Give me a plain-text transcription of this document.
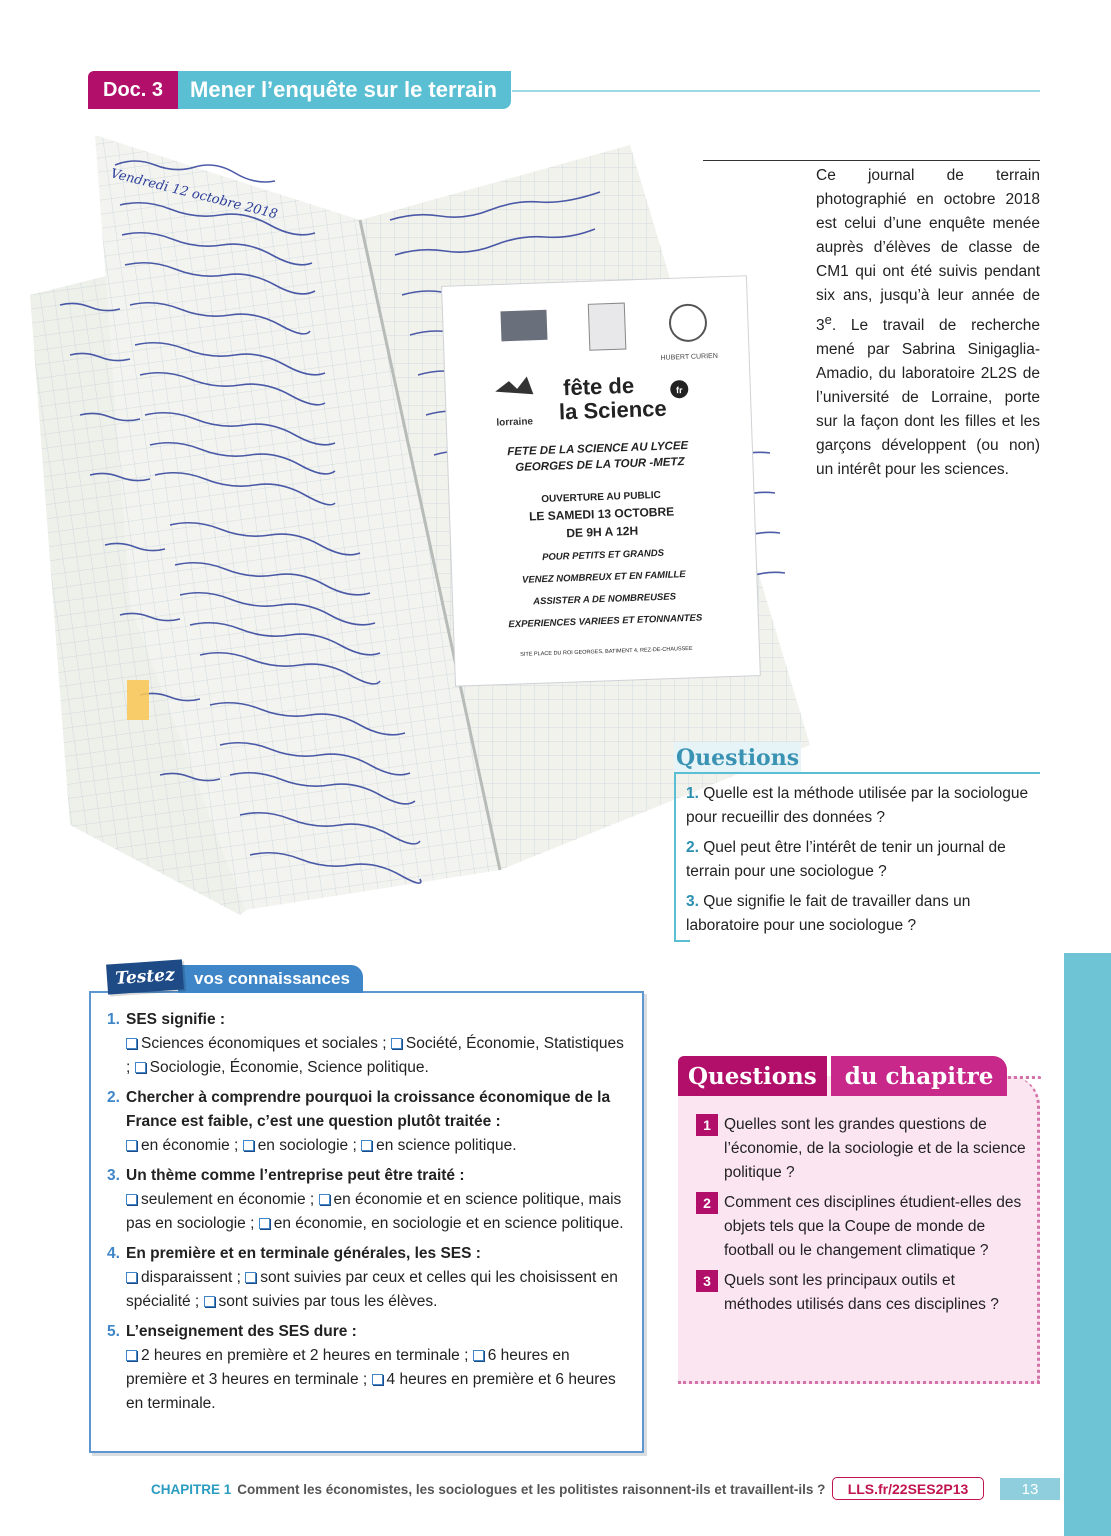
Doc. 3	Mener l’enquête sur le terrain
HUBERT CURIEN
lorraine
fête de
la Science
fr
FETE DE LA SCIENCE AU LYCEE GEORGES DE LA TOUR -METZ
OUVERTURE AU PUBLIC
LE SAMEDI 13 OCTOBRE
DE 9H A 12H
POUR PETITS ET GRANDS
VENEZ NOMBREUX ET EN FAMILLE
ASSISTER A DE NOMBREUSES
EXPERIENCES VARIEES ET ETONNANTES
SITE PLACE DU ROI GEORGES, BATIMENT 4, REZ-DE-CHAUSSEE
Vendredi 12 octobre 2018	Ce journal de terrain photographié en octobre 2018 est celui d’une enquête menée auprès d’élèves de classe de CM1 qui ont été suivis pendant six ans, jusqu’à leur année de 3e. Le travail de recherche mené par Sabrina Sinigaglia-Amadio, du laboratoire 2L2S de l’université de Lorraine, porte sur la façon dont les filles et les garçons développent (ou non) un intérêt pour les sciences.
Questions
1. Quelle est la méthode utilisée par la sociologue pour recueillir des données ?
2. Quel peut être l’intérêt de tenir un journal de terrain pour une sociologue ?
3. Que signifie le fait de travailler dans un laboratoire pour une sociologue ?
vos connaissances
Testez
1. SES signifie :
Sciences économiques et sociales ; Société, Économie, Statistiques ; Sociologie, Économie, Science politique.
2. Chercher à comprendre pourquoi la croissance économique de la France est faible, c’est une question plutôt traitée :
en économie ; en sociologie ; en science politique.
3. Un thème comme l’entreprise peut être traité :
seulement en économie ; en économie et en science politique, mais pas en sociologie ; en économie, en sociologie et en science politique.
4. En première et en terminale générales, les SES :
disparaissent ; sont suivies par ceux et celles qui les choisissent en spécialité ; sont suivies par tous les élèves.
5. L’enseignement des SES dure :
2 heures en première et 2 heures en terminale ; 6 heures en première et 3 heures en terminale ; 4 heures en première et 6 heures en terminale.
Questions	du chapitre
1 Quelles sont les grandes questions de l’économie, de la sociologie et de la science politique ?
2 Comment ces disciplines étudient-elles des objets tels que la Coupe de monde de football ou le changement climatique ?
3 Quels sont les principaux outils et méthodes utilisés dans ces disciplines ?
CHAPITRE 1 Comment les économistes, les sociologues et les politistes raisonnent-ils et travaillent-ils ?	LLS.fr/22SES2P13	13
